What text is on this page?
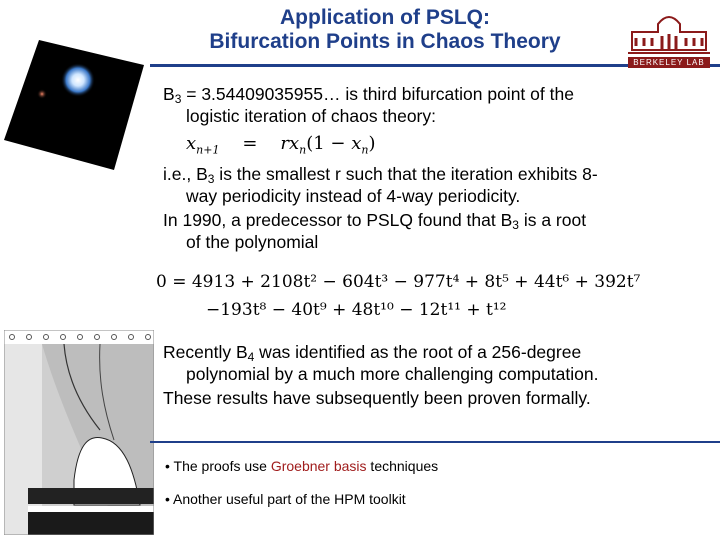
Application of PSLQ:
Bifurcation Points in Chaos Theory
BERKELEY LAB
$B_3$ = 3.54409035955… is third bifurcation point of the
logistic iteration of chaos theory:
$x_{n+1} = rx_n(1 - x_n)$
i.e., $B_3$ is the smallest r such that the iteration exhibits 8-
way periodicity instead of 4-way periodicity.
In 1990, a predecessor to PSLQ found that $B_3$ is a root
of the polynomial
0 = 4913 + 2108t² − 604t³ − 977t⁴ + 8t⁵ + 44t⁶ + 392t⁷
−193t⁸ − 40t⁹ + 48t¹⁰ − 12t¹¹ + t¹²
Recently $B_4$ was identified as the root of a 256-degree
polynomial by a much more challenging computation.
These results have subsequently been proven formally.
• The proofs use Groebner basis techniques
• Another useful part of the HPM toolkit
